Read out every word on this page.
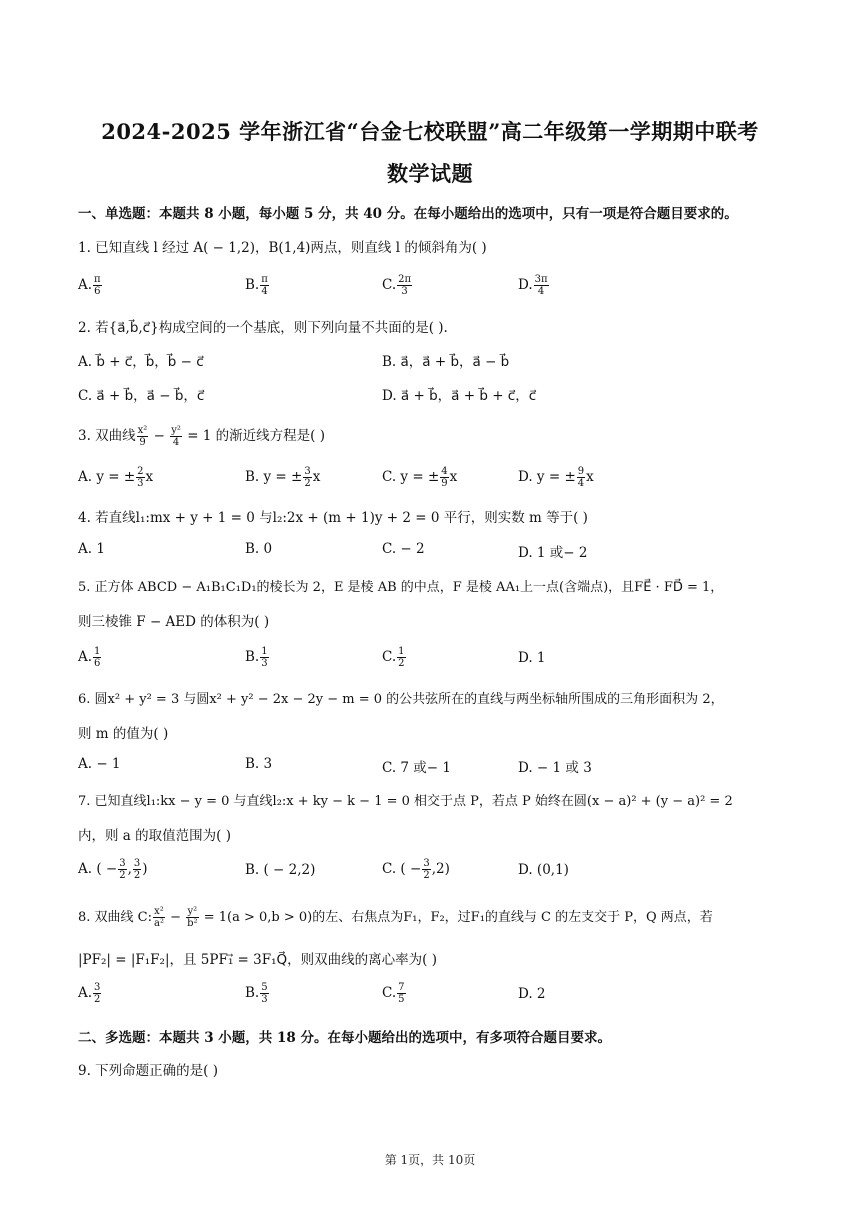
2024-2025 学年浙江省“台金七校联盟”高二年级第一学期期中联考
数学试题
一、单选题：本题共 8 小题，每小题 5 分，共 40 分。在每小题给出的选项中，只有一项是符合题目要求的。
1. 已知直线 l 经过 A( − 1,2)，B(1,4)两点，则直线 l 的倾斜角为( )
A. $\frac{\pi}{6}$	B. $\frac{\pi}{4}$	C. $\frac{2\pi}{3}$	D. $\frac{3\pi}{4}$
2. 若{a⃗,b⃗,c⃗}构成空间的一个基底，则下列向量不共面的是( ).
A. b⃗ + c⃗，b⃗，b⃗ − c⃗	B. a⃗，a⃗ + b⃗，a⃗ − b⃗
C. a⃗ + b⃗，a⃗ − b⃗，c⃗	D. a⃗ + b⃗，a⃗ + b⃗ + c⃗，c⃗
3. 双曲线 $\frac{\text{x²}}{9} - \frac{\text{y²}}{4} = 1$ 的渐近线方程是( )
A. y = ± $\frac{2}{3}$ x	B. y = ± $\frac{3}{2}$ x	C. y = ± $\frac{4}{9}$ x	D. y = ± $\frac{9}{4}$ x
4. 若直线l₁:mx + y + 1 = 0 与l₂:2x + (m + 1)y + 2 = 0 平行，则实数 m 等于( )
A. 1	B. 0	C. − 2	D. 1 或− 2
5. 正方体 ABCD − A₁B₁C₁D₁的棱长为 2，E 是棱 AB 的中点，F 是棱 AA₁上一点(含端点)，且FE⃗ · FD⃗ = 1，
则三棱锥 F − AED 的体积为( )
A. $\frac{1}{6}$	B. $\frac{1}{3}$	C. $\frac{1}{2}$	D. 1
6. 圆x² + y² = 3 与圆x² + y² − 2x − 2y − m = 0 的公共弦所在的直线与两坐标轴所围成的三角形面积为 2，
则 m 的值为( )
A. − 1	B. 3	C. 7 或− 1	D. − 1 或 3
7. 已知直线l₁:kx − y = 0 与直线l₂:x + ky − k − 1 = 0 相交于点 P，若点 P 始终在圆(x − a)² + (y − a)² = 2
内，则 a 的取值范围为( )
A. ( − $\frac{3}{2}$ , $\frac{3}{2}$ )	B. ( − 2,2)	C. ( − $\frac{3}{2} ,2$)	D. (0,1)
8. 双曲线 C: $\frac{\text{x²}}{\text{a²}} - \frac{\text{y²}}{\text{b²}} = 1(a > 0,b > 0)$的左、右焦点为F₁，F₂，过F₁的直线与 C 的左支交于 P，Q 两点，若
|PF₂| = |F₁F₂|，且 5PF₁⃗ = 3F₁Q⃗，则双曲线的离心率为( )
A. $\frac{3}{2}$	B. $\frac{5}{3}$	C. $\frac{7}{5}$	D. 2
二、多选题：本题共 3 小题，共 18 分。在每小题给出的选项中，有多项符合题目要求。
9. 下列命题正确的是( )
第 1页，共 10页
